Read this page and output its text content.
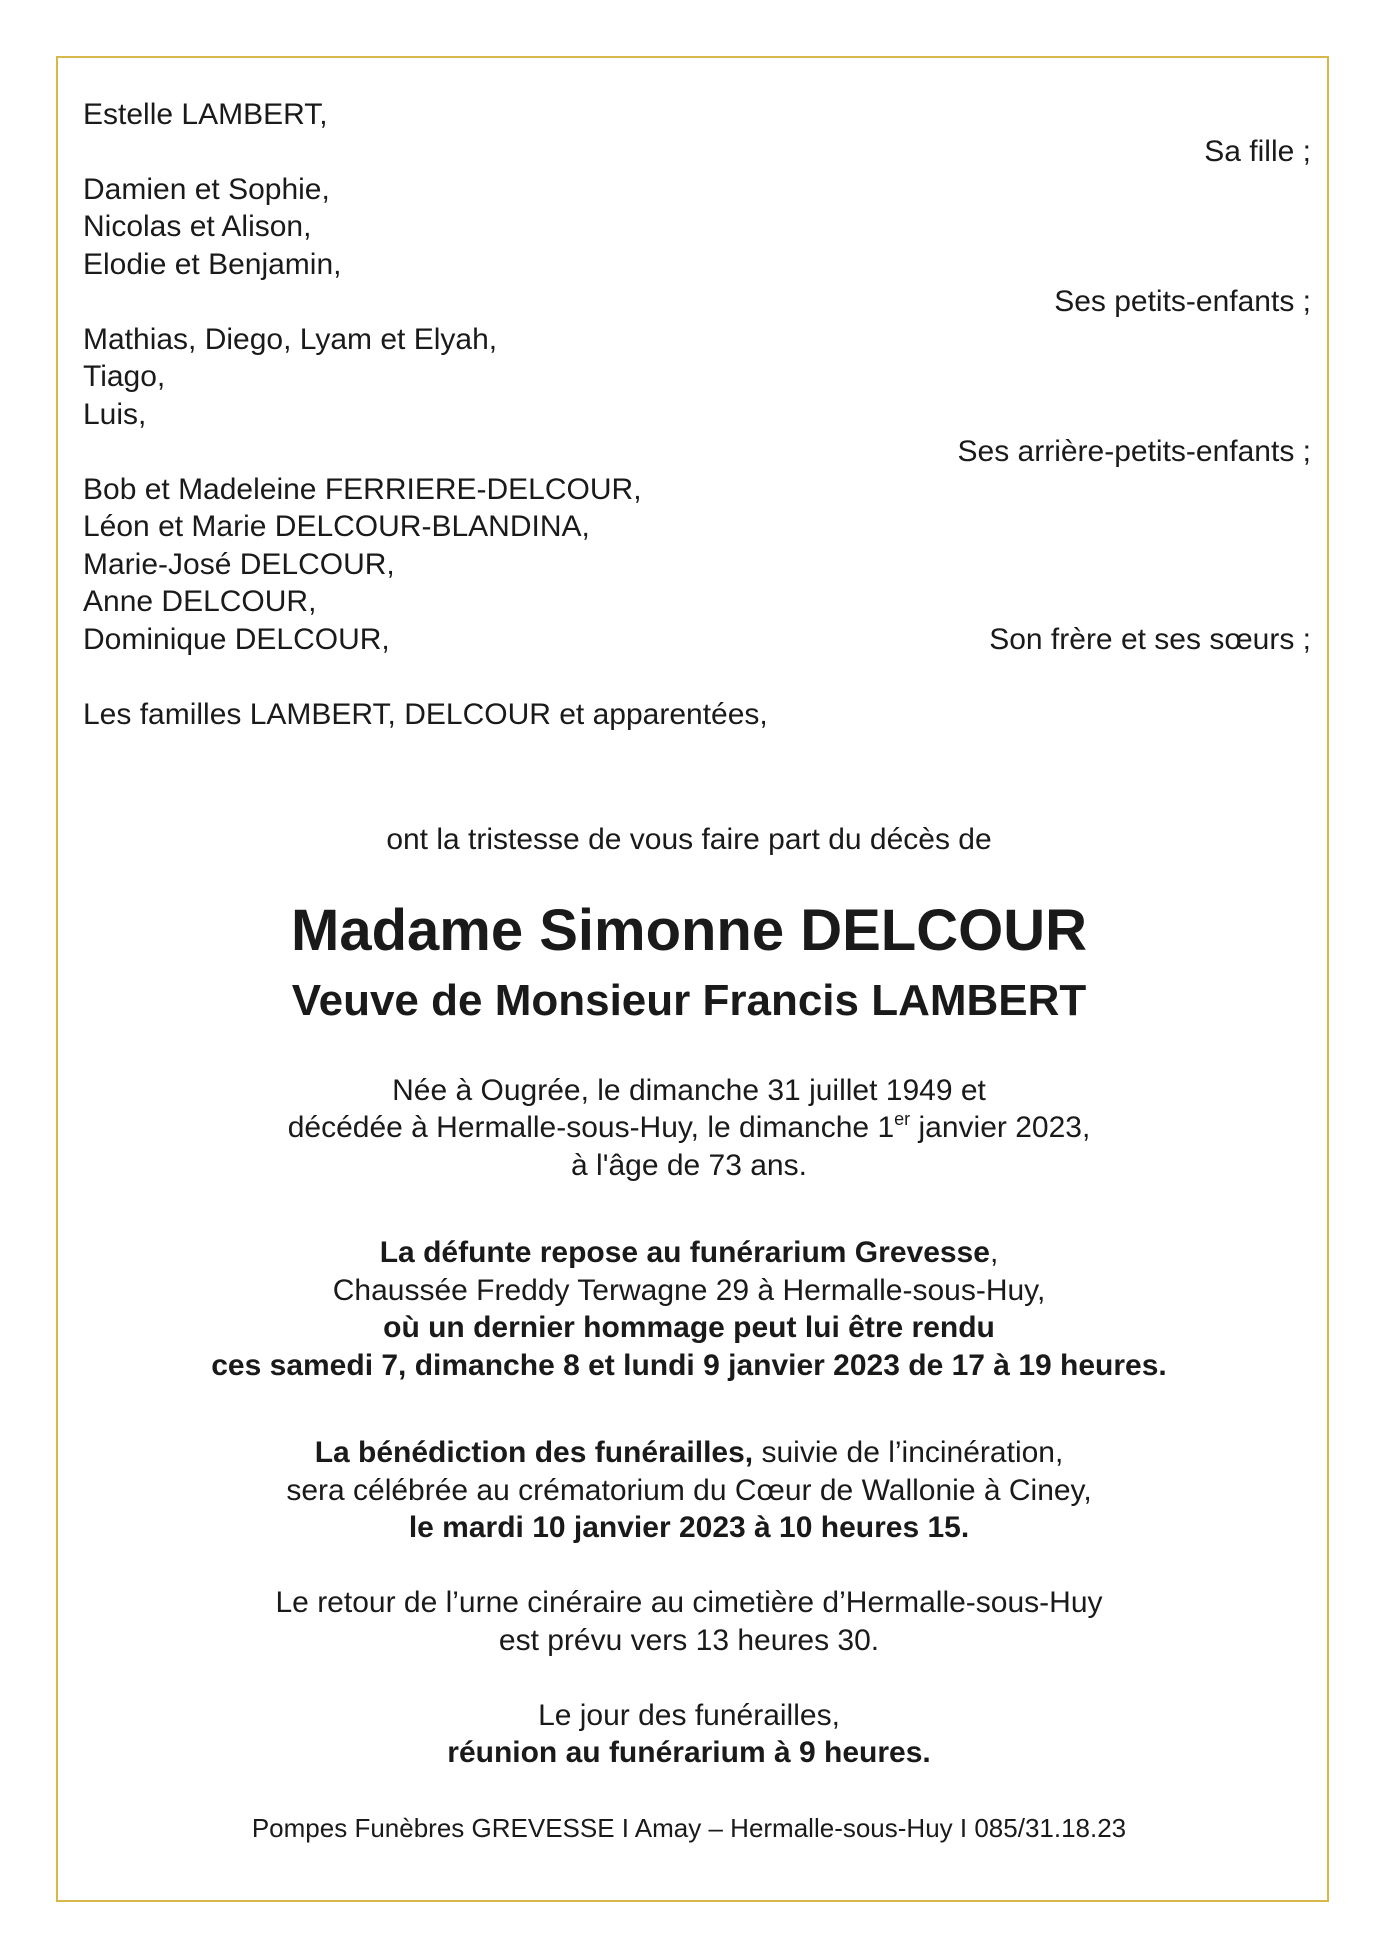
Estelle LAMBERT,
Sa fille ;
Damien et Sophie,
Nicolas et Alison,
Elodie et Benjamin,
Ses petits-enfants ;
Mathias, Diego, Lyam et Elyah,
Tiago,
Luis,
Ses arrière-petits-enfants ;
Bob et Madeleine FERRIERE-DELCOUR,
Léon et Marie DELCOUR-BLANDINA,
Marie-José DELCOUR,
Anne DELCOUR,
Dominique DELCOUR,	Son frère et ses sœurs ;
Les familles LAMBERT, DELCOUR et apparentées,
ont la tristesse de vous faire part du décès de
Madame Simonne DELCOUR
Veuve de Monsieur Francis LAMBERT
Née à Ougrée, le dimanche 31 juillet 1949 et
décédée à Hermalle-sous-Huy, le dimanche 1er janvier 2023,
à l'âge de 73 ans.
La défunte repose au funérarium Grevesse,
Chaussée Freddy Terwagne 29 à Hermalle-sous-Huy,
où un dernier hommage peut lui être rendu
ces samedi 7, dimanche 8 et lundi 9 janvier 2023 de 17 à 19 heures.
La bénédiction des funérailles, suivie de l’incinération,
sera célébrée au crématorium du Cœur de Wallonie à Ciney,
le mardi 10 janvier 2023 à 10 heures 15.
Le retour de l’urne cinéraire au cimetière d’Hermalle-sous-Huy
est prévu vers 13 heures 30.
Le jour des funérailles,
réunion au funérarium à 9 heures.
Pompes Funèbres GREVESSE I Amay – Hermalle-sous-Huy I 085/31.18.23
